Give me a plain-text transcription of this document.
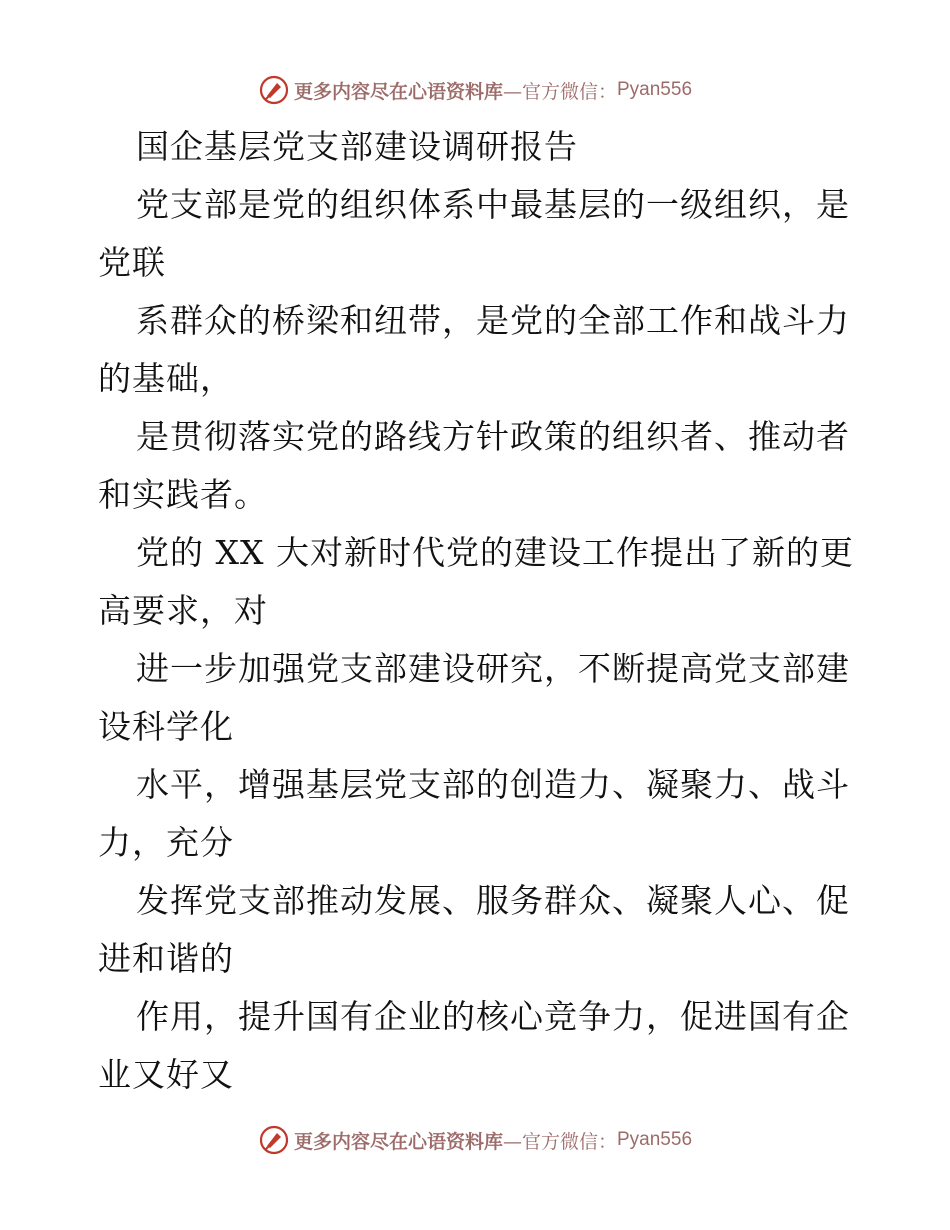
更多内容尽在心语资料库 —官方微信： Pyan556
国企基层党支部建设调研报告
党支部是党的组织体系中最基层的一级组织，是
党联
系群众的桥梁和纽带，是党的全部工作和战斗力
的基础，
是贯彻落实党的路线方针政策的组织者、推动者
和实践者。
党的 XX 大对新时代党的建设工作提出了新的更
高要求，对
进一步加强党支部建设研究，不断提高党支部建
设科学化
水平，增强基层党支部的创造力、凝聚力、战斗
力，充分
发挥党支部推动发展、服务群众、凝聚人心、促
进和谐的
作用，提升国有企业的核心竞争力，促进国有企
业又好又
更多内容尽在心语资料库 —官方微信： Pyan556
